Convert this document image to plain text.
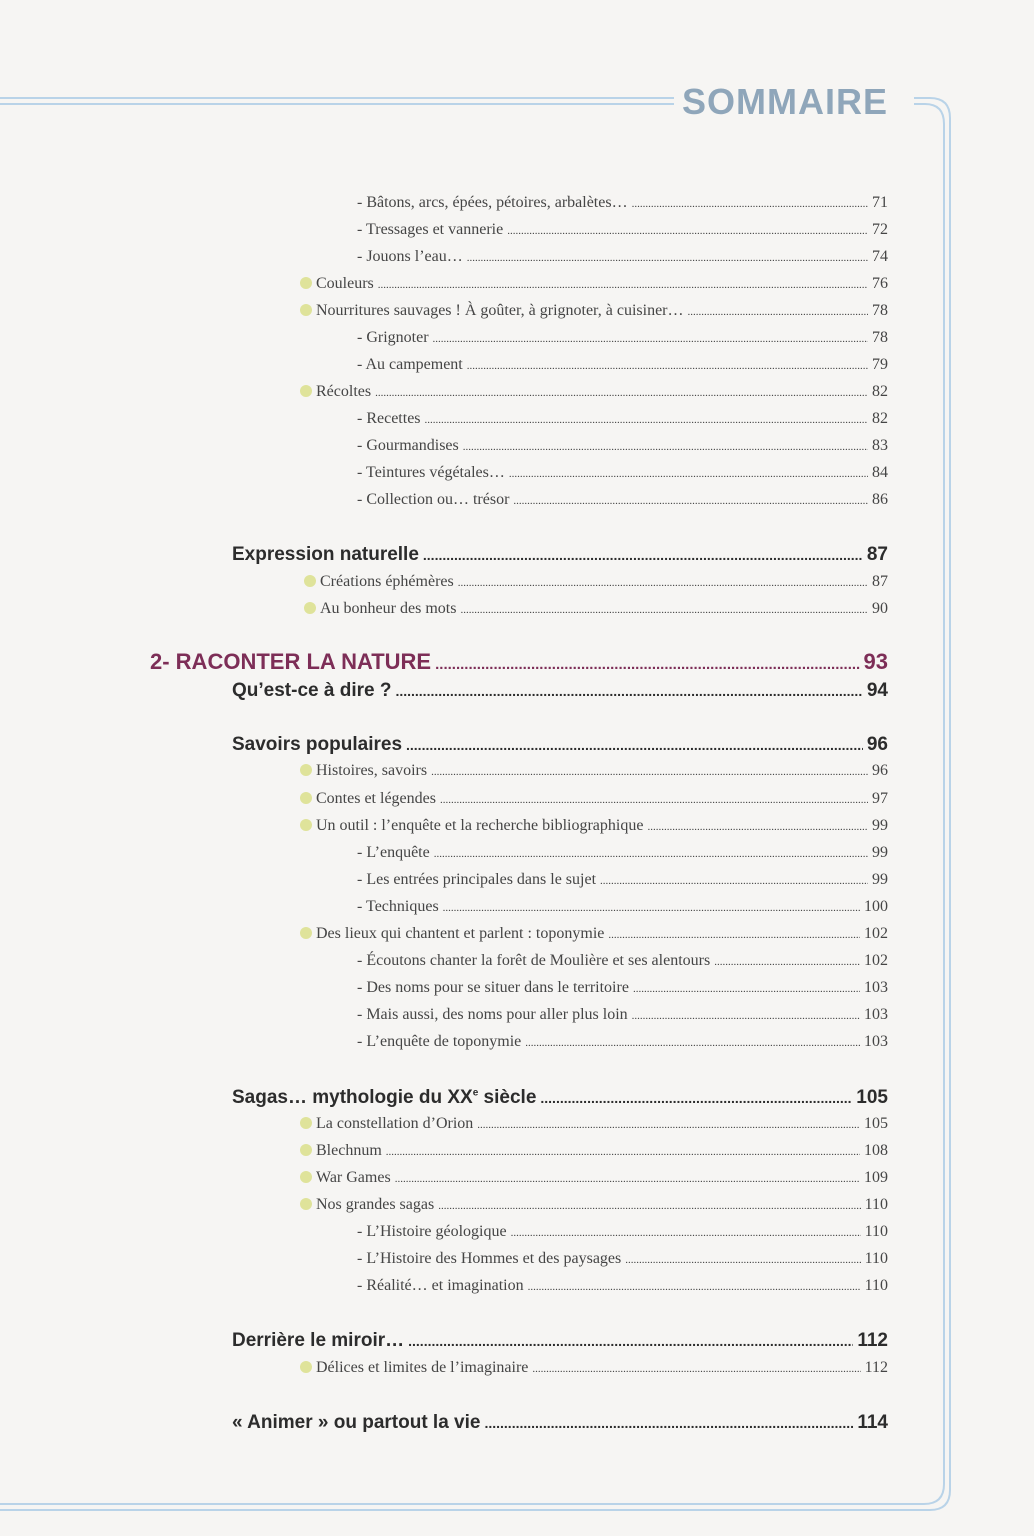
SOMMAIRE
- Bâtons, arcs, épées, pétoires, arbalètes… .....	71
- Tressages et vannerie .....	72
- Jouons l’eau… .....	74
Couleurs .....	76
Nourritures sauvages ! À goûter, à grignoter, à cuisiner… .....	78
- Grignoter .....	78
- Au campement .....	79
Récoltes .....	82
- Recettes .....	82
- Gourmandises .....	83
- Teintures végétales… .....	84
- Collection ou… trésor .....	86
Expression naturelle .....	87
Créations éphémères .....	87
Au bonheur des mots .....	90
2- RACONTER LA NATURE .....	93
Qu’est-ce à dire ? .....	94
Savoirs populaires .....	96
Histoires, savoirs .....	96
Contes et légendes .....	97
Un outil : l’enquête et la recherche bibliographique .....	99
- L’enquête .....	99
- Les entrées principales dans le sujet .....	99
- Techniques .....	100
Des lieux qui chantent et parlent : toponymie .....	102
- Écoutons chanter la forêt de Moulière et ses alentours .....	102
- Des noms pour se situer dans le territoire .....	103
- Mais aussi, des noms pour aller plus loin .....	103
- L’enquête de toponymie .....	103
Sagas… mythologie du XXe siècle .....	105
La constellation d’Orion .....	105
Blechnum .....	108
War Games .....	109
Nos grandes sagas .....	110
- L’Histoire géologique .....	110
- L’Histoire des Hommes et des paysages .....	110
- Réalité… et imagination .....	110
Derrière le miroir… .....	112
Délices et limites de l’imaginaire .....	112
« Animer » ou partout la vie .....	114
